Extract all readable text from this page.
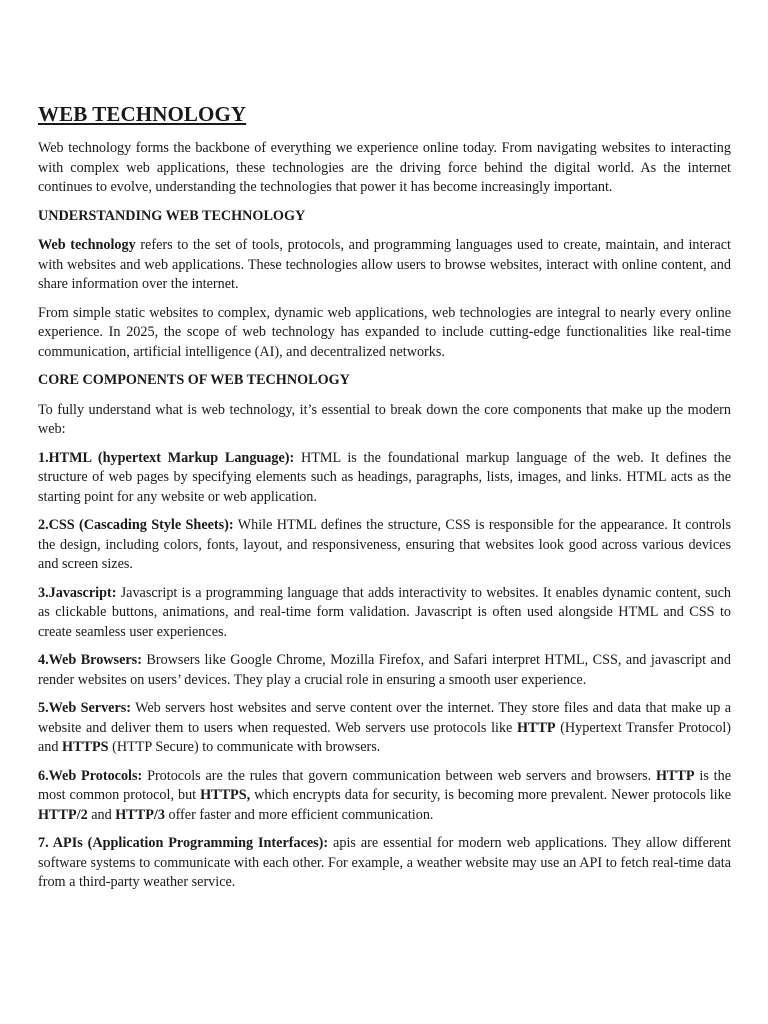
WEB TECHNOLOGY

Web technology forms the backbone of everything we experience online today. From navigating websites to interacting with complex web applications, these technologies are the driving force behind the digital world. As the internet continues to evolve, understanding the technologies that power it has become increasingly important.

UNDERSTANDING WEB TECHNOLOGY

Web technology refers to the set of tools, protocols, and programming languages used to create, maintain, and interact with websites and web applications. These technologies allow users to browse websites, interact with online content, and share information over the internet.

From simple static websites to complex, dynamic web applications, web technologies are integral to nearly every online experience. In 2025, the scope of web technology has expanded to include cutting-edge functionalities like real-time communication, artificial intelligence (AI), and decentralized networks.

CORE COMPONENTS OF WEB TECHNOLOGY

To fully understand what is web technology, it’s essential to break down the core components that make up the modern web:

1.HTML (hypertext Markup Language): HTML is the foundational markup language of the web. It defines the structure of web pages by specifying elements such as headings, paragraphs, lists, images, and links. HTML acts as the starting point for any website or web application.

2.CSS (Cascading Style Sheets): While HTML defines the structure, CSS is responsible for the appearance. It controls the design, including colors, fonts, layout, and responsiveness, ensuring that websites look good across various devices and screen sizes.

3.Javascript: Javascript is a programming language that adds interactivity to websites. It enables dynamic content, such as clickable buttons, animations, and real-time form validation. Javascript is often used alongside HTML and CSS to create seamless user experiences.

4.Web Browsers: Browsers like Google Chrome, Mozilla Firefox, and Safari interpret HTML, CSS, and javascript and render websites on users’ devices. They play a crucial role in ensuring a smooth user experience.

5.Web Servers: Web servers host websites and serve content over the internet. They store files and data that make up a website and deliver them to users when requested. Web servers use protocols like HTTP (Hypertext Transfer Protocol) and HTTPS (HTTP Secure) to communicate with browsers.

6.Web Protocols: Protocols are the rules that govern communication between web servers and browsers. HTTP is the most common protocol, but HTTPS, which encrypts data for security, is becoming more prevalent. Newer protocols like HTTP/2 and HTTP/3 offer faster and more efficient communication.

7. APIs (Application Programming Interfaces): apis are essential for modern web applications. They allow different software systems to communicate with each other. For example, a weather website may use an API to fetch real-time data from a third-party weather service.
